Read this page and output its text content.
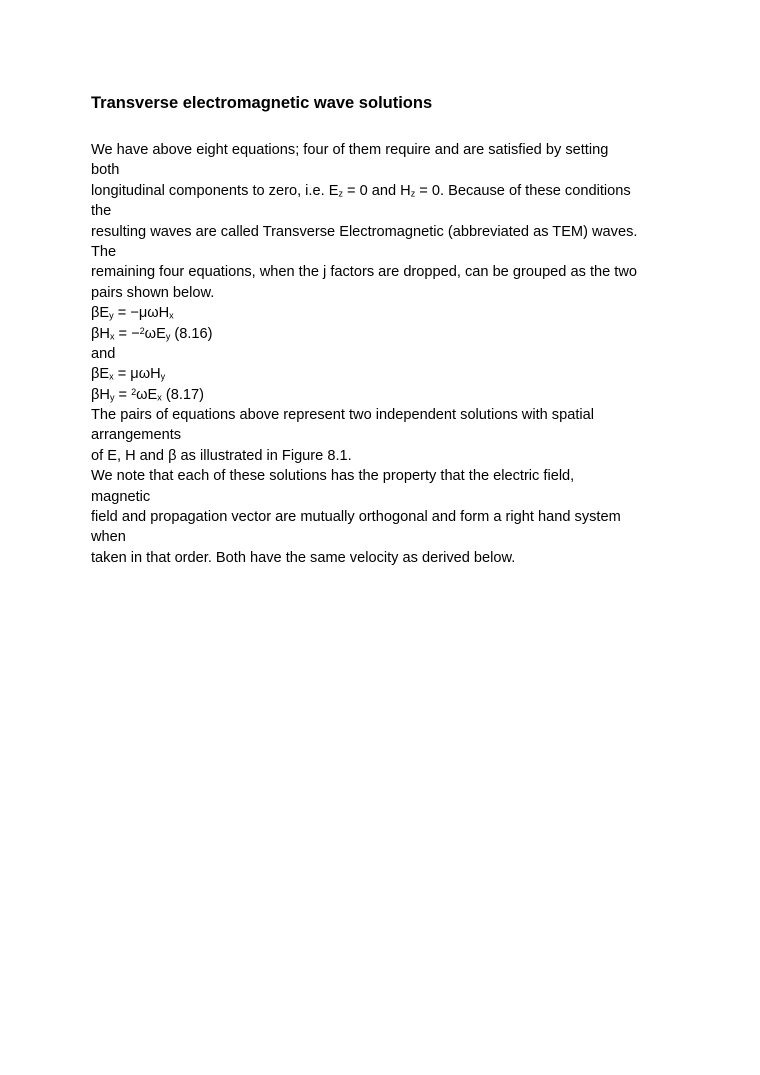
Transverse electromagnetic wave solutions
We have above eight equations; four of them require and are satisfied by setting
both
longitudinal components to zero, i.e. $E_z = 0$ and $H_z = 0$. Because of these conditions
the
resulting waves are called Transverse Electromagnetic (abbreviated as TEM) waves.
The
remaining four equations, when the j factors are dropped, can be grouped as the two
pairs shown below.
$\beta E_y = -\mu\omega H_x$
$\beta H_x = -^2\omega E_y$ (8.16)
and
$\beta E_x = \mu\omega H_y$
$\beta H_y = ^2\omega E_x$ (8.17)
The pairs of equations above represent two independent solutions with spatial
arrangements
of E, H and β as illustrated in Figure 8.1.
We note that each of these solutions has the property that the electric field,
magnetic
field and propagation vector are mutually orthogonal and form a right hand system
when
taken in that order. Both have the same velocity as derived below.
